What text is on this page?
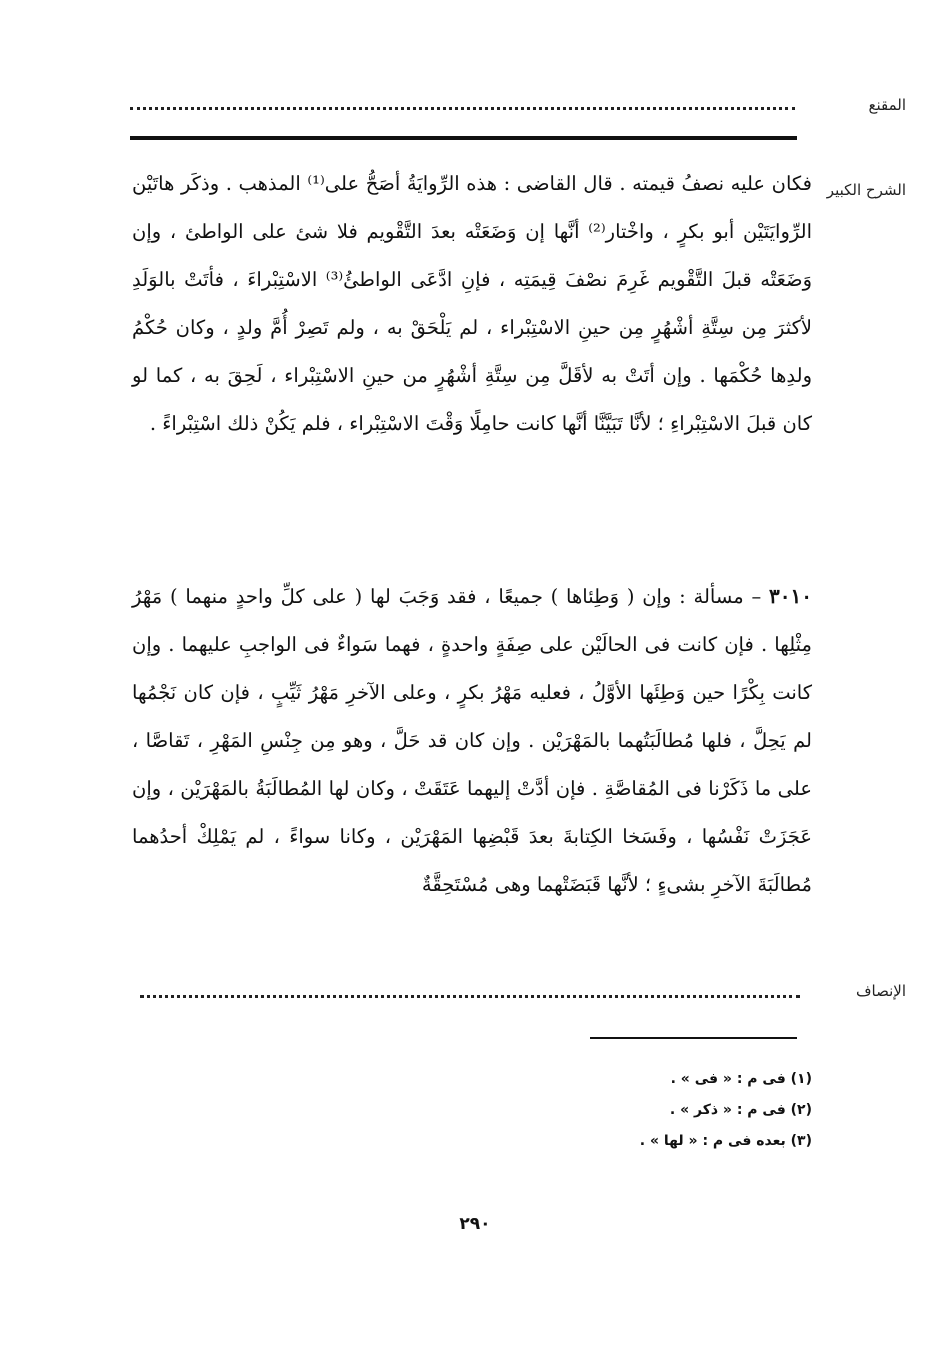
المقنع
الشرح الكبير

فكان عليه نصفُ قيمته . قال القاضى : هذه الرِّوايَةُ أصَحُّ على⁽¹⁾ المذهب . وذكَر هاتَيْن الرِّوايَتَيْن أبو بكرٍ ، واخْتار⁽²⁾ أنَّها إن وَضَعَتْه بعدَ التَّقْويم فلا شئ على الواطئ ، وإن وَضَعَتْه قبلَ التَّقْويم غَرِمَ نصْفَ قِيمَتِه ، فإنِ ادَّعَى الواطئُ⁽³⁾ الاسْتِبْراءَ ، فأتَتْ بالوَلَدِ لأكثرَ مِن سِتَّةِ أشْهُرٍ مِن حينِ الاسْتِبْراء ، لم يَلْحَقْ به ، ولم تَصِرْ أُمَّ ولدٍ ، وكان حُكْمُ ولدِها حُكْمَها . وإن أتَتْ به لأقَلَّ مِن سِتَّةِ أشْهُرٍ من حينِ الاسْتِبْراء ، لَحِقَ به ، كما لو كان قبلَ الاسْتِبْراءِ ؛ لأنَّا تَبَيَّنَّا أنَّها كانت حامِلًا وَقْتَ الاسْتِبْراء ، فلم يَكُنْ ذلك اسْتِبْراءً .

٣٠١٠ – مسألة : وإن ( وَطِئاها ) جميعًا ، فقد وَجَبَ لها ( على كلِّ واحدٍ منهما ) مَهْرُ مِثْلِها . فإن كانت فى الحالَيْن على صِفَةٍ واحدةٍ ، فهما سَواءٌ فى الواجبِ عليهما . وإن كانت بِكْرًا حين وَطِئَها الأوَّلُ ، فعليه مَهْرُ بكرٍ ، وعلى الآخرِ مَهْرُ ثَيِّبٍ ، فإن كان نَجْمُها لم يَحِلَّ ، فلها مُطالَبَتُهما بالمَهْرَيْن . وإن كان قد حَلَّ ، وهو مِن جِنْسِ المَهْرِ ، تَقاصَّا ، على ما ذَكَرْنا فى المُقاصَّةِ . فإن أدَّتْ إليهما عَتَقَتْ ، وكان لها المُطالَبَةُ بالمَهْرَيْن ، وإن عَجَزَتْ نَفْسُها ، وفَسَخا الكِتابةَ بعدَ قَبْضِها المَهْرَيْن ، وكانا سواءً ، لم يَمْلِكْ أحدُهما مُطالَبَةَ الآخرِ بشىءٍ ؛ لأنَّها قَبَضَتْهما وهى مُسْتَحِقَّةٌ

الإنصاف
(١) فى م : « فى » .
(٢) فى م : « ذكر » .
(٣) بعده فى م : « لها » .
٢٩٠
